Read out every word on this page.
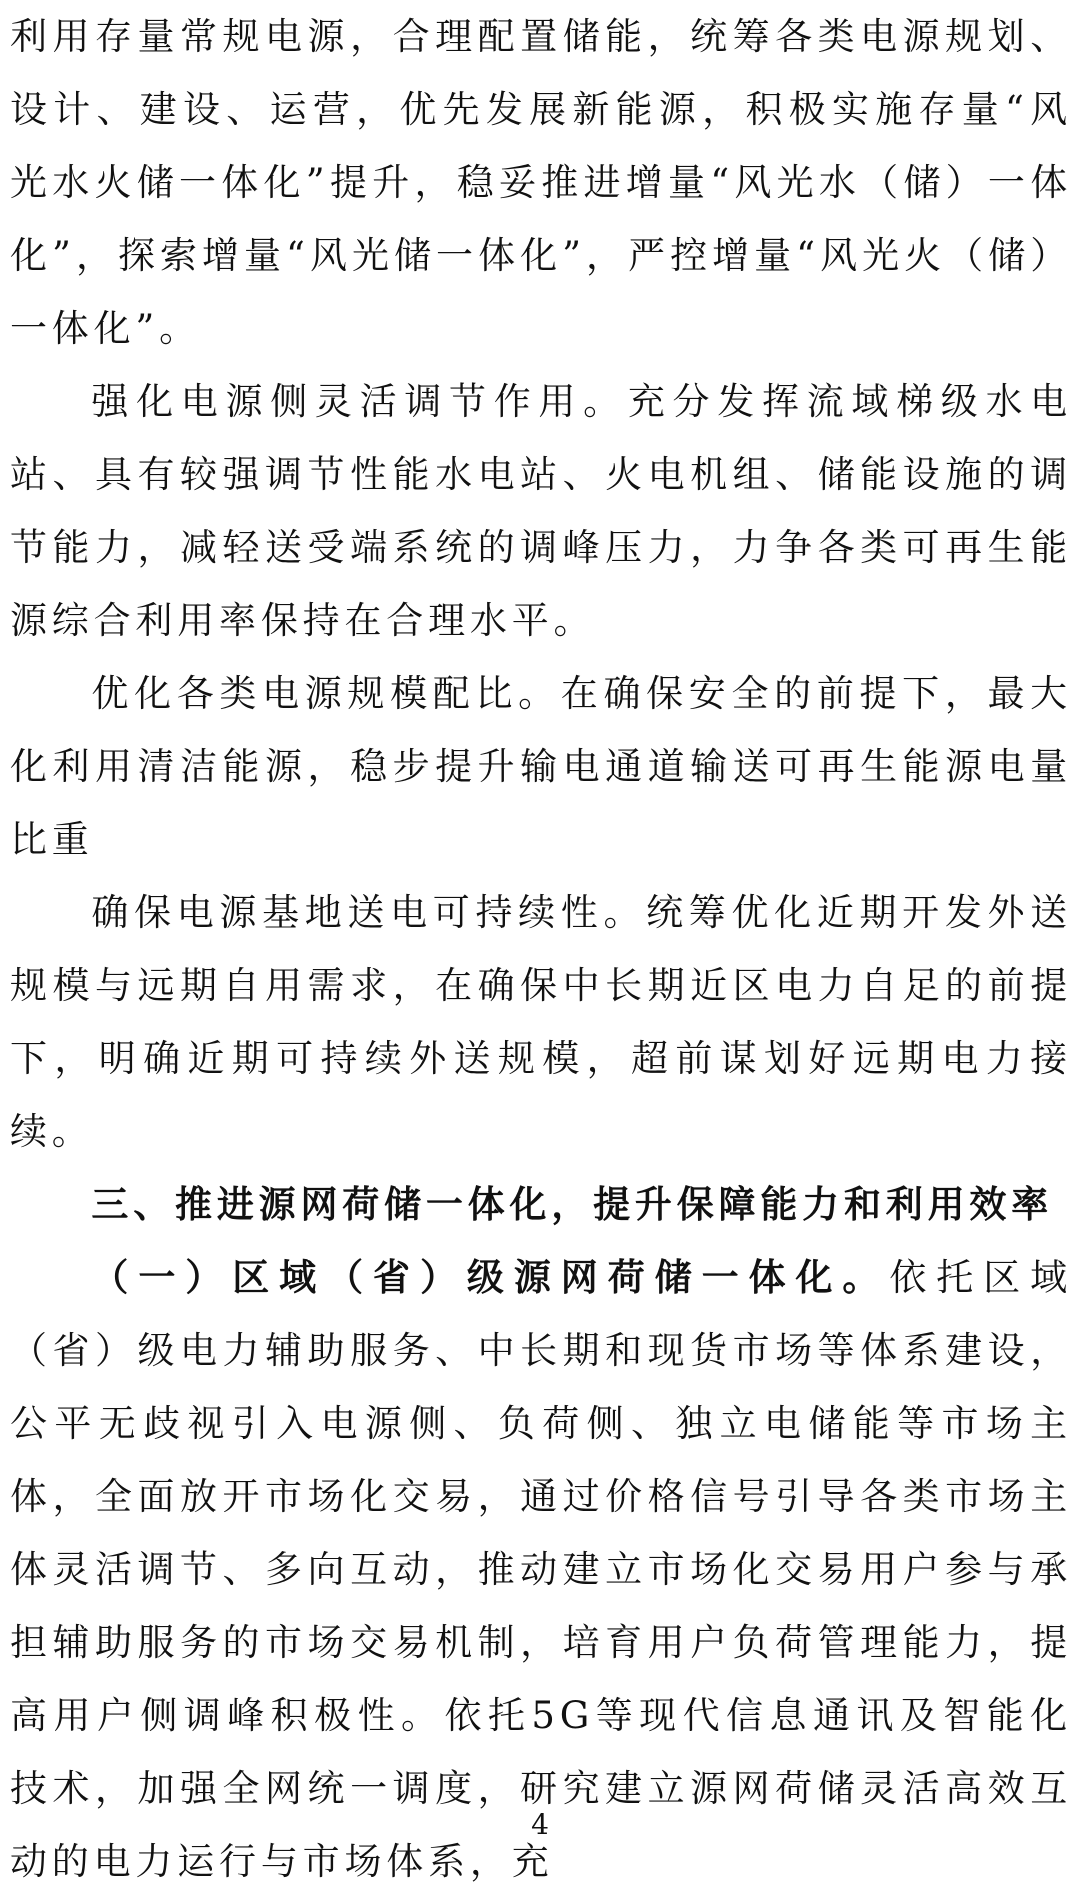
利用存量常规电源，合理配置储能，统筹各类电源规划、设计、建设、运营，优先发展新能源，积极实施存量“风光水火储一体化”提升，稳妥推进增量“风光水（储）一体化”，探索增量“风光储一体化”，严控增量“风光火（储）一体化”。

强化电源侧灵活调节作用。充分发挥流域梯级水电站、具有较强调节性能水电站、火电机组、储能设施的调节能力，减轻送受端系统的调峰压力，力争各类可再生能源综合利用率保持在合理水平。

优化各类电源规模配比。在确保安全的前提下，最大化利用清洁能源，稳步提升输电通道输送可再生能源电量比重

确保电源基地送电可持续性。统筹优化近期开发外送规模与远期自用需求，在确保中长期近区电力自足的前提下，明确近期可持续外送规模，超前谋划好远期电力接续。

三、推进源网荷储一体化，提升保障能力和利用效率

（一）区域（省）级源网荷储一体化。依托区域（省）级电力辅助服务、中长期和现货市场等体系建设，公平无歧视引入电源侧、负荷侧、独立电储能等市场主体，全面放开市场化交易，通过价格信号引导各类市场主体灵活调节、多向互动，推动建立市场化交易用户参与承担辅助服务的市场交易机制，培育用户负荷管理能力，提高用户侧调峰积极性。依托5G等现代信息通讯及智能化技术，加强全网统一调度，研究建立源网荷储灵活高效互动的电力运行与市场体系，充

4
